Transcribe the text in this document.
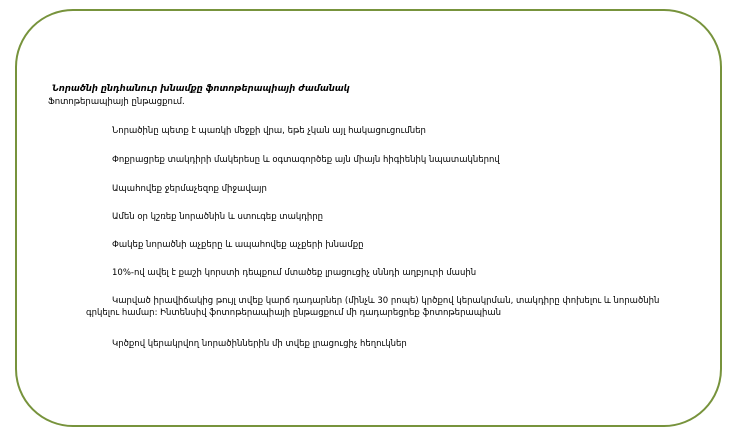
Նորածնի ընդհանուր խնամքը ֆոտոթերապիայի ժամանակ
Ֆոտոթերապիայի ընթացքում.
Նորածինը պետք է պառկի մեջքի վրա, եթե չկան այլ հակացուցումներ
Փոքրացրեք տակդիրի մակերեսը և օգտագործեք այն միայն հիգիենիկ նպատակներով
Ապահովեք ջերմաչեզոք միջավայր
Ամեն օր կշռեք նորածնին և ստուգեք տակդիրը
Փակեք նորածնի աչքերը և ապահովեք աչքերի խնամքը
10%-ով ավել է քաշի կորստի դեպքում մտածեք լրացուցիչ սննդի աղբյուրի մասին
Կարված իրավիճակից թույլ տվեք կարճ դադարներ (մինչև 30 րոպե) կրծքով կերակրման, տակդիրը փոխելու և նորածնին գրկելու համար: Ինտենսիվ ֆոտոթերապիայի ընթացքում մի դադարեցրեք ֆոտոթերապիան
Կրծքով կերակրվող նորածիններին մի տվեք լրացուցիչ հեղուկներ
